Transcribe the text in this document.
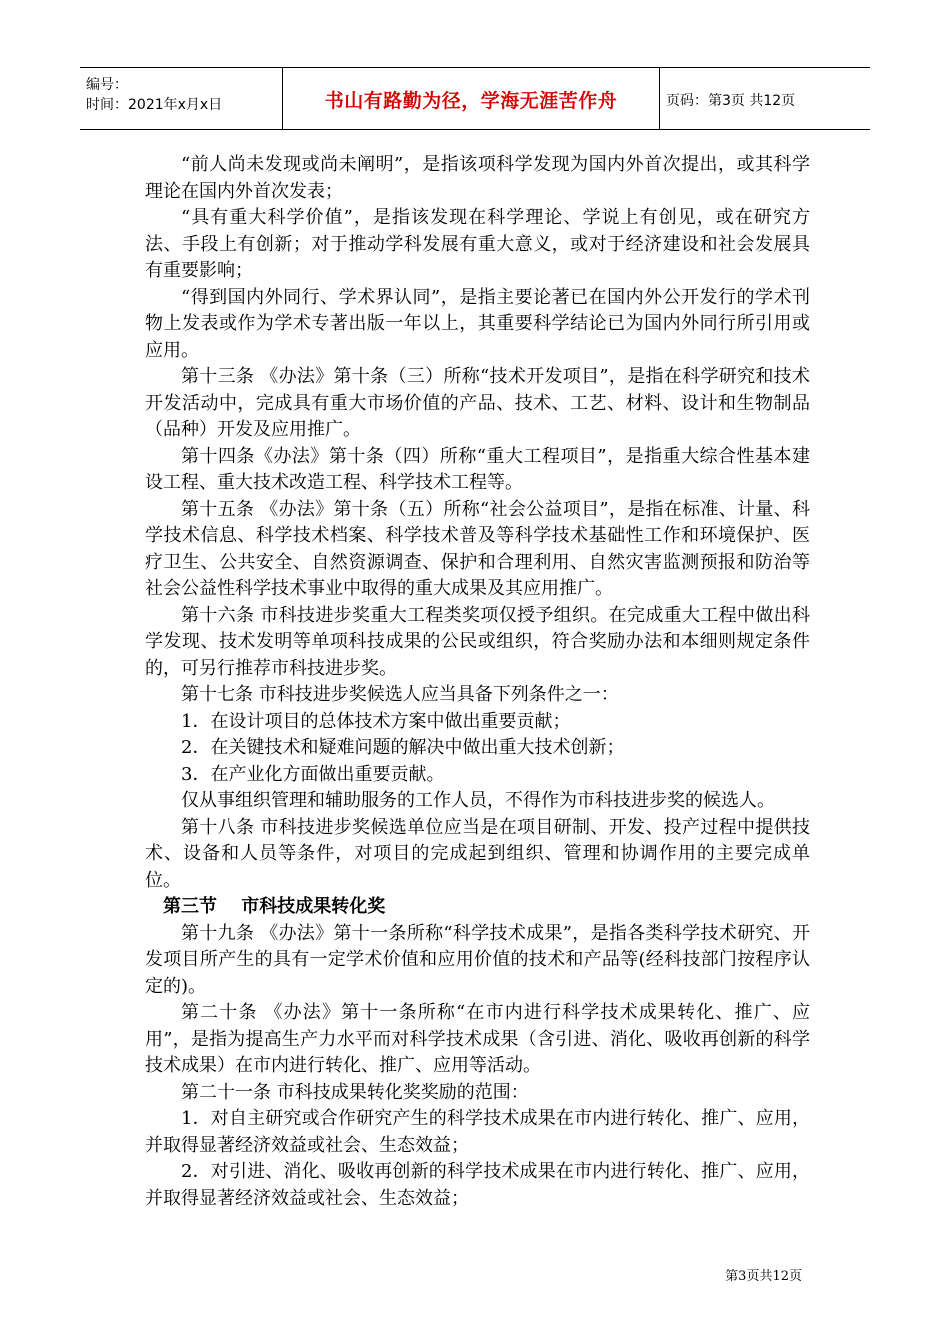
编号：
时间：2021年x月x日	书山有路勤为径，学海无涯苦作舟	页码：第3页 共12页

“前人尚未发现或尚未阐明”，是指该项科学发现为国内外首次提出，或其科学理论在国内外首次发表；

“具有重大科学价值”，是指该发现在科学理论、学说上有创见，或在研究方法、手段上有创新；对于推动学科发展有重大意义，或对于经济建设和社会发展具有重要影响；

“得到国内外同行、学术界认同”，是指主要论著已在国内外公开发行的学术刊物上发表或作为学术专著出版一年以上，其重要科学结论已为国内外同行所引用或应用。

第十三条 《办法》第十条（三）所称“技术开发项目”，是指在科学研究和技术开发活动中，完成具有重大市场价值的产品、技术、工艺、材料、设计和生物制品（品种）开发及应用推广。

第十四条《办法》第十条（四）所称“重大工程项目”，是指重大综合性基本建设工程、重大技术改造工程、科学技术工程等。

第十五条 《办法》第十条（五）所称“社会公益项目”，是指在标准、计量、科学技术信息、科学技术档案、科学技术普及等科学技术基础性工作和环境保护、医疗卫生、公共安全、自然资源调查、保护和合理利用、自然灾害监测预报和防治等社会公益性科学技术事业中取得的重大成果及其应用推广。

第十六条 市科技进步奖重大工程类奖项仅授予组织。在完成重大工程中做出科学发现、技术发明等单项科技成果的公民或组织，符合奖励办法和本细则规定条件的，可另行推荐市科技进步奖。

第十七条 市科技进步奖候选人应当具备下列条件之一：

1．在设计项目的总体技术方案中做出重要贡献；

2．在关键技术和疑难问题的解决中做出重大技术创新；

3．在产业化方面做出重要贡献。

仅从事组织管理和辅助服务的工作人员，不得作为市科技进步奖的候选人。

第十八条 市科技进步奖候选单位应当是在项目研制、开发、投产过程中提供技术、设备和人员等条件，对项目的完成起到组织、管理和协调作用的主要完成单位。

第三节　 市科技成果转化奖

第十九条 《办法》第十一条所称“科学技术成果”，是指各类科学技术研究、开发项目所产生的具有一定学术价值和应用价值的技术和产品等(经科技部门按程序认定的)。

第二十条 《办法》第十一条所称“在市内进行科学技术成果转化、推广、应用”，是指为提高生产力水平而对科学技术成果（含引进、消化、吸收再创新的科学技术成果）在市内进行转化、推广、应用等活动。

第二十一条 市科技成果转化奖奖励的范围：

1．对自主研究或合作研究产生的科学技术成果在市内进行转化、推广、应用，并取得显著经济效益或社会、生态效益；

2．对引进、消化、吸收再创新的科学技术成果在市内进行转化、推广、应用，并取得显著经济效益或社会、生态效益；

第3页共12页
